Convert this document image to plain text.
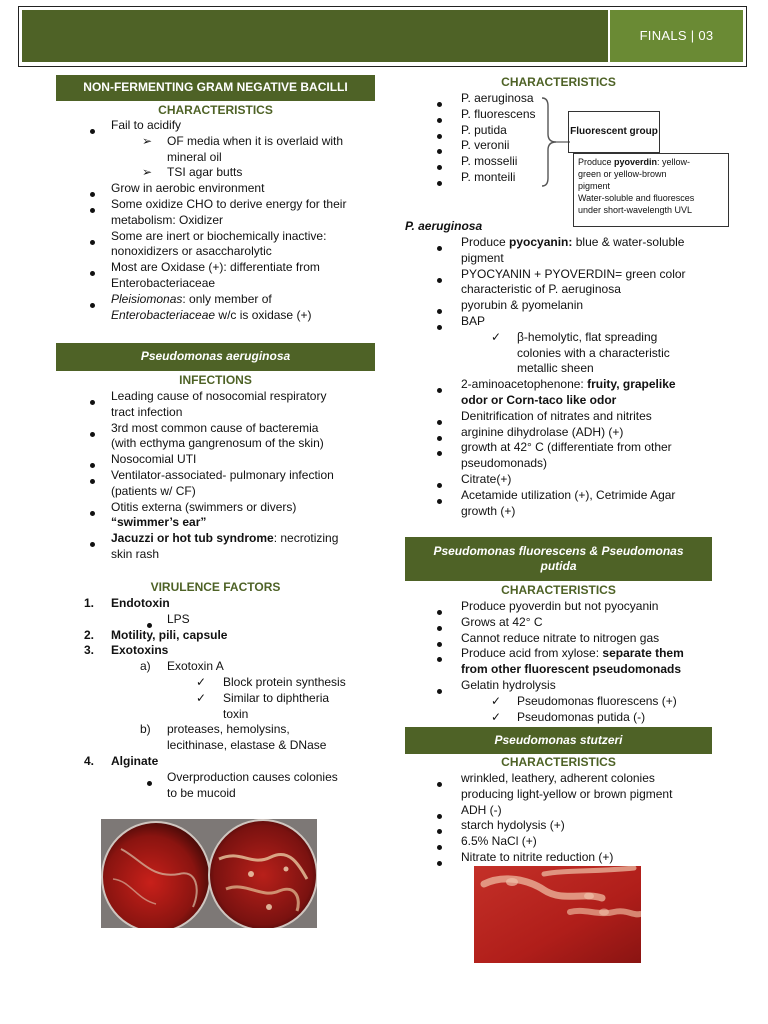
FINALS | 03
NON-FERMENTING GRAM NEGATIVE BACILLI
CHARACTERISTICS
Fail to acidify
➢ OF media when it is overlaid with
mineral oil
➢ TSI agar butts
Grow in aerobic environment
Some oxidize CHO to derive energy for their
metabolism: Oxidizer
Some are inert or biochemically inactive:
nonoxidizers or asaccharolytic
Most are Oxidase (+): differentiate from
Enterobacteriaceae
Pleisiomonas: only member of
Enterobacteriaceae w/c is oxidase (+)
Pseudomonas aeruginosa
INFECTIONS
Leading cause of nosocomial respiratory
tract infection
3rd most common cause of bacteremia
(with ecthyma gangrenosum of the skin)
Nosocomial UTI
Ventilator-associated- pulmonary infection
(patients w/ CF)
Otitis externa (swimmers or divers)
“swimmer’s ear”
Jacuzzi or hot tub syndrome: necrotizing
skin rash
VIRULENCE FACTORS
1. Endotoxin
LPS
2. Motility, pili, capsule
3. Exotoxins
a) Exotoxin A
✓ Block protein synthesis
✓ Similar to diphtheria
toxin
b) proteases, hemolysins,
lecithinase, elastase & DNase
4. Alginate
Overproduction causes colonies
to be mucoid
CHARACTERISTICS
P. aeruginosa
P. fluorescens
P. putida
P. veronii
P. mosselii
P. monteili
Fluorescent group
Produce pyoverdin: yellow-
green or yellow-brown
pigment
Water-soluble and fluoresces
under short-wavelength UVL
P. aeruginosa
Produce pyocyanin: blue & water-soluble
pigment
PYOCYANIN + PYOVERDIN= green color
characteristic of P. aeruginosa
pyorubin & pyomelanin
BAP
✓ β-hemolytic, flat spreading
colonies with a characteristic
metallic sheen
2-aminoacetophenone: fruity, grapelike
odor or Corn-taco like odor
Denitrification of nitrates and nitrites
arginine dihydrolase (ADH) (+)
growth at 42° C (differentiate from other
pseudomonads)
Citrate(+)
Acetamide utilization (+), Cetrimide Agar
growth (+)
Pseudomonas fluorescens & Pseudomonas
putida
CHARACTERISTICS
Produce pyoverdin but not pyocyanin
Grows at 42° C
Cannot reduce nitrate to nitrogen gas
Produce acid from xylose: separate them
from other fluorescent pseudomonads
Gelatin hydrolysis
✓ Pseudomonas fluorescens (+)
✓ Pseudomonas putida (-)
Pseudomonas stutzeri
CHARACTERISTICS
wrinkled, leathery, adherent colonies
producing light-yellow or brown pigment
ADH (-)
starch hydolysis (+)
6.5% NaCl (+)
Nitrate to nitrite reduction (+)
